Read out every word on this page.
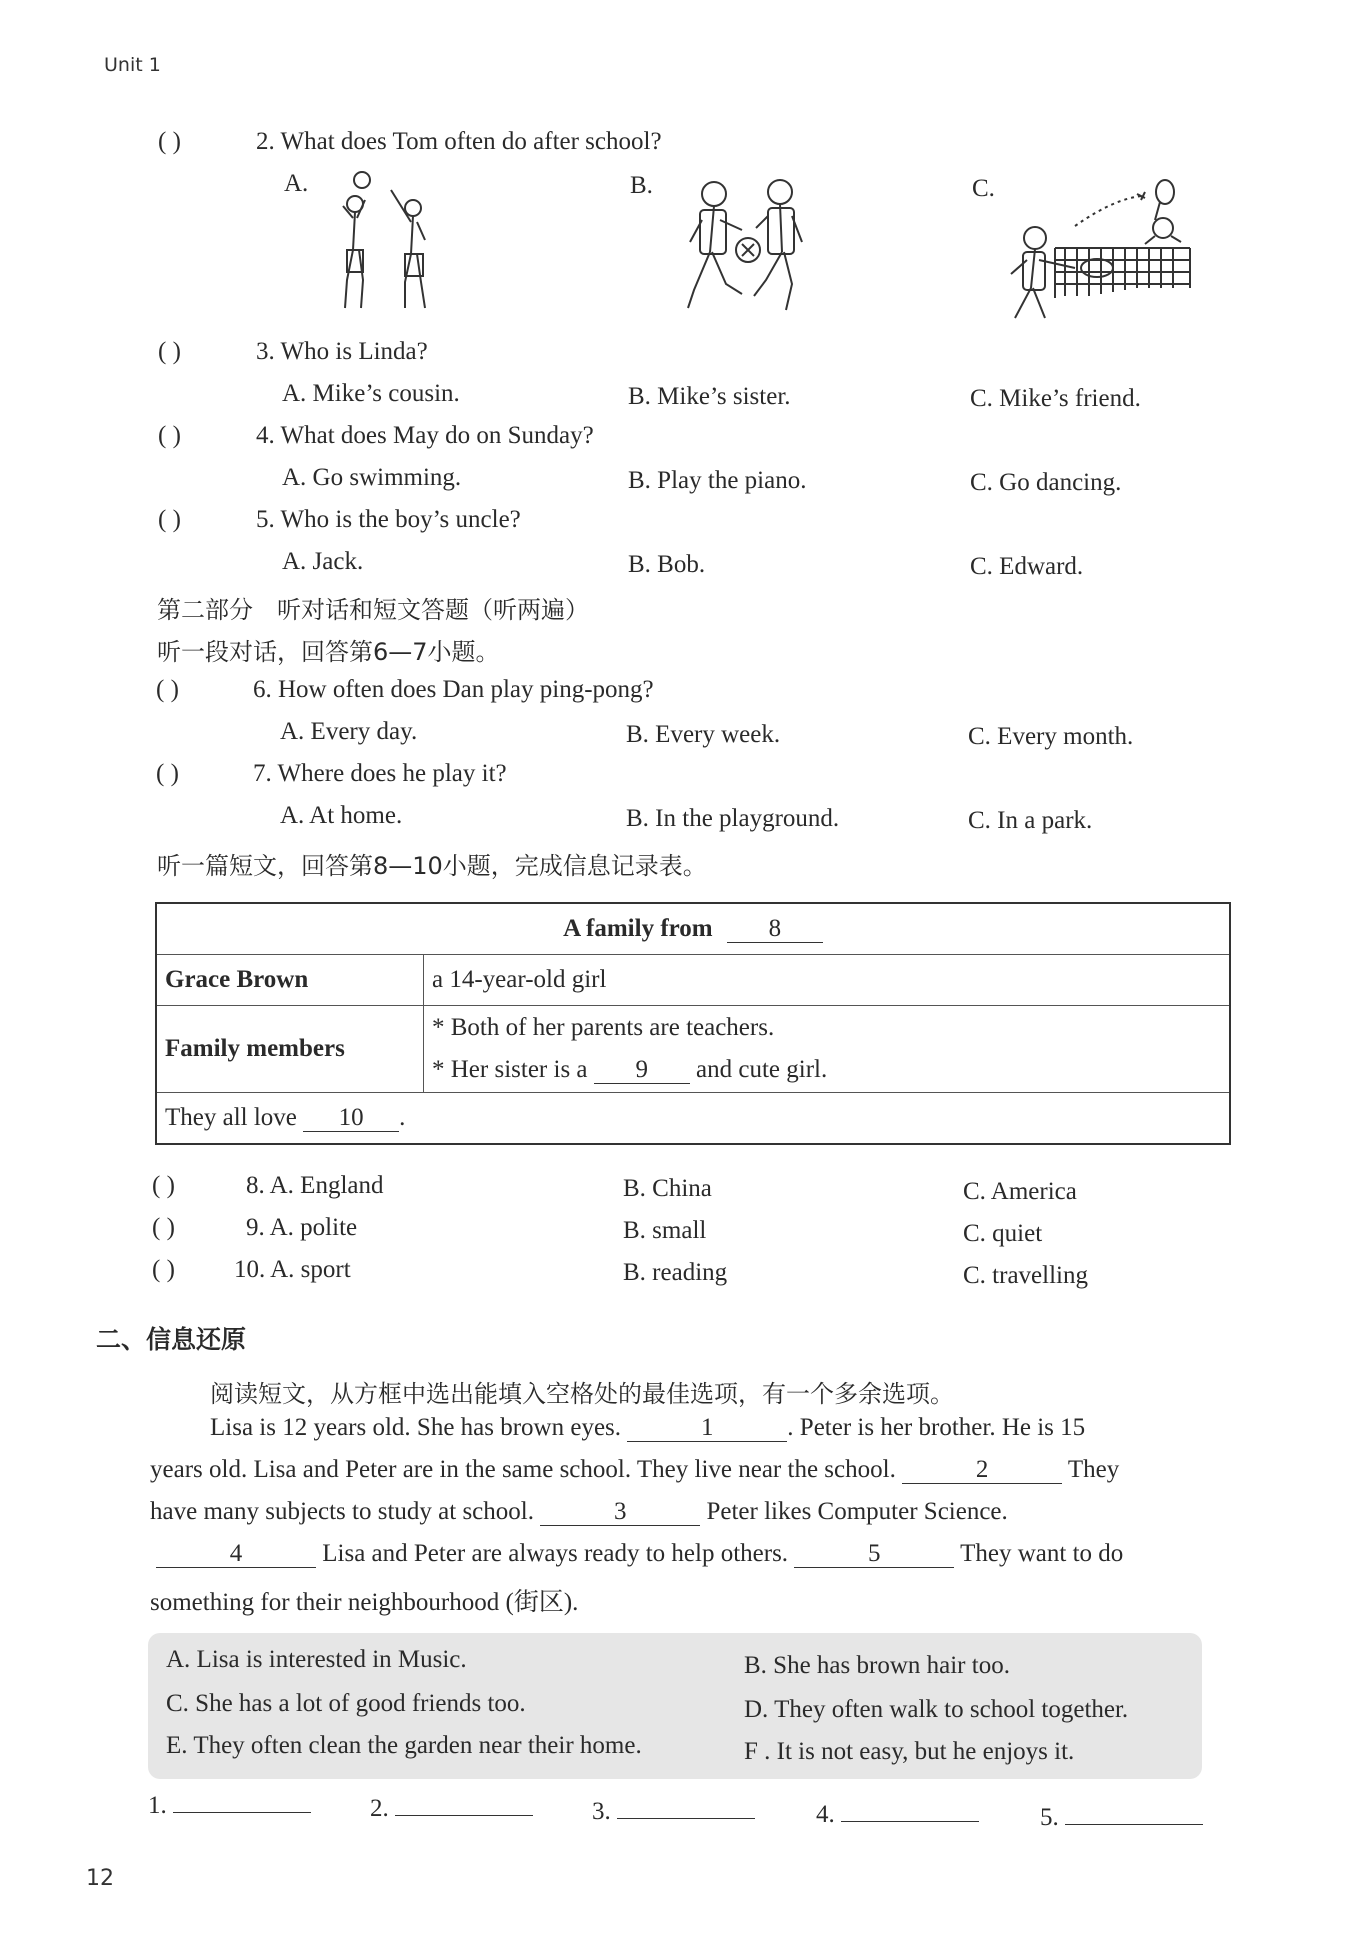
Unit 1
( )	2. What does Tom often do after school?
A.	B.	C.
( )	3. Who is Linda?
A. Mike’s cousin.	B. Mike’s sister.	C. Mike’s friend.
( )	4. What does May do on Sunday?
A. Go swimming.	B. Play the piano.	C. Go dancing.
( )	5. Who is the boy’s uncle?
A. Jack.	B. Bob.	C. Edward.
第二部分　听对话和短文答题（听两遍）
听一段对话，回答第6—7小题。
( )	6. How often does Dan play ping-pong?
A. Every day.	B. Every week.	C. Every month.
( )	7. Where does he play it?
A. At home.	B. In the playground.	C. In a park.
听一篇短文，回答第8—10小题，完成信息记录表。
A family from 8	
Grace Brown	a 14-year-old girl
Family members	* Both of her parents are teachers.
* Her sister is a 9 and cute girl.

They all love 10 .	
( )	8. A. England	B. China	C. America
( )	9. A. polite	B. small	C. quiet
( ) 10. A. sport	B. reading	C. travelling
二、信息还原
阅读短文，从方框中选出能填入空格处的最佳选项，有一个多余选项。
Lisa is 12 years old. She has brown eyes.	1	. Peter is her brother. He is 15
years old. Lisa and Peter are in the same school. They live near the school.	2	They
have many subjects to study at school.	3	Peter likes Computer Science.
4	Lisa and Peter are always ready to help others.	5	They want to do
something for their neighbourhood (街区).
A. Lisa is interested in Music.	B. She has brown hair too.
C. She has a lot of good friends too.	D. They often walk to school together.
E. They often clean the garden near their home.	F . It is not easy, but he enjoys it.
1.	2.	3.	4.	5.
12
